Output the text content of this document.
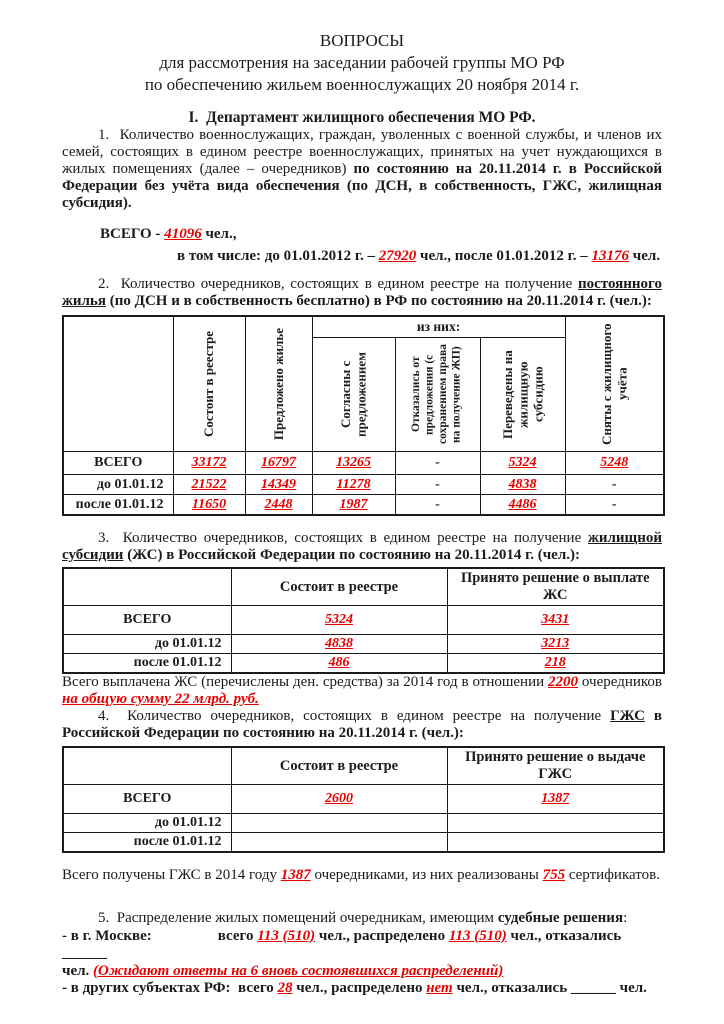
ВОПРОСЫ
для рассмотрения на заседании рабочей группы МО РФ
по обеспечению жильем военнослужащих 20 ноября 2014 г.
I.  Департамент жилищного обеспечения МО РФ.

1.  Количество военнослужащих, граждан, уволенных с военной службы, и членов их семей, состоящих в едином реестре военнослужащих, принятых на учет нуждающихся в жилых помещениях (далее – очередников) по состоянию на 20.11.2014 г. в Российской Федерации без учёта вида обеспечения (по ДСН, в собственность, ГЖС, жилищная субсидия).

ВСЕГО - 41096 чел.,
в том числе: до 01.01.2012 г. – 27920 чел., после 01.01.2012 г. – 13176 чел.

2.  Количество очередников, состоящих в едином реестре на получение постоянного жилья (по ДСН и в собственность бесплатно) в РФ по состоянию на 20.11.2014 г. (чел.):

	Состоит в реестре	Предложено жилье	из них:			Сняты с жилищного учёта

			Согласны с предложением	Отказались от предложения (с сохранением права на получение ЖП)	Переведены на жилищную субсидию	

ВСЕГО	33172	16797	13265	-	5324	5248
до 01.01.12	21522	14349	11278	-	4838	-
после 01.01.12	11650	2448	1987	-	4486	-

3.  Количество очередников, состоящих в едином реестре на получение жилищной субсидии (ЖС) в Российской Федерации по состоянию на 20.11.2014 г. (чел.):

	Состоит в реестре	Принято решение о выплате ЖС
ВСЕГО	5324	3431
до 01.01.12	4838	3213
после 01.01.12	486	218

Всего выплачена ЖС (перечислены ден. средства) за 2014 год в отношении 2200 очередников на общую сумму 22 млрд. руб.

4.  Количество очередников, состоящих в едином реестре на получение ГЖС в Российской Федерации по состоянию на 20.11.2014 г. (чел.):

	Состоит в реестре	Принято решение о выдаче ГЖС
ВСЕГО	2600	1387
до 01.01.12		
после 01.01.12		

Всего получены ГЖС в 2014 году 1387 очередниками, из них реализованы 755 сертификатов.

5.  Распределение жилых помещений очередникам, имеющим судебные решения:

- в г. Москве:	всего 113 (510) чел., распределено 113 (510) чел., отказались ______

чел. (Ожидают ответы на 6 вновь состоявшихся распределений)

- в других субъектах РФ:  всего 28 чел., распределено нет чел., отказались ______ чел.
